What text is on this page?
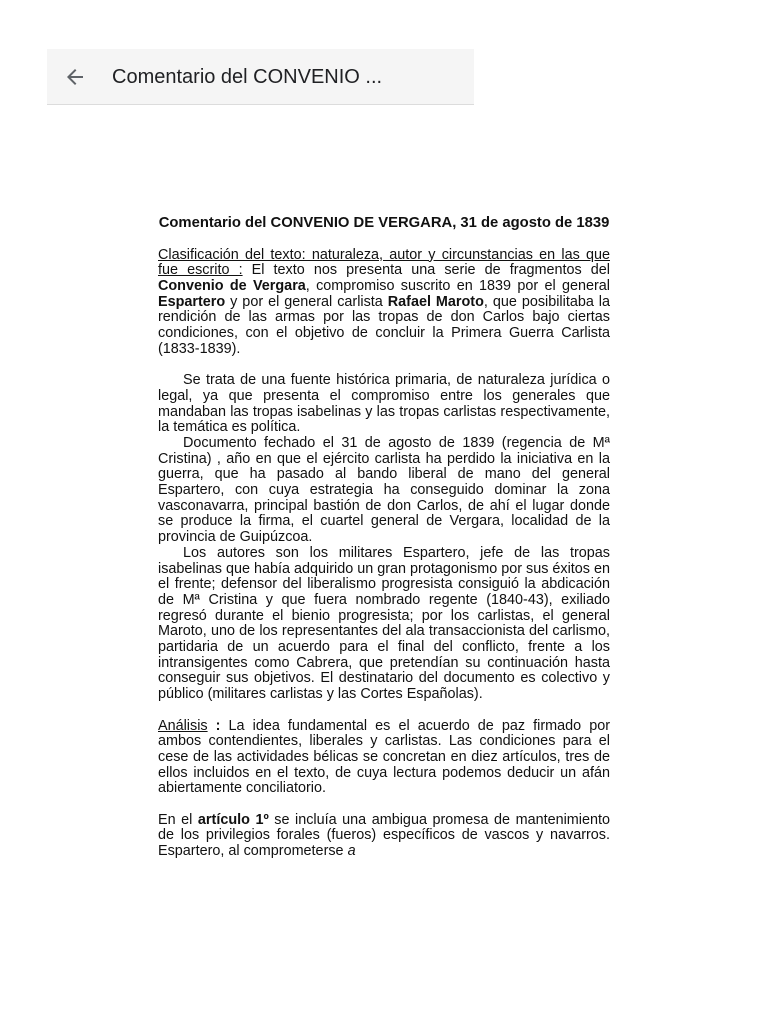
Comentario del CONVENIO ...
Comentario del CONVENIO DE VERGARA, 31 de agosto de 1839

Clasificación del texto: naturaleza, autor y circunstancias en las que fue escrito : El texto nos presenta una serie de fragmentos del Convenio de Vergara, compromiso suscrito en 1839 por el general Espartero y por el general carlista Rafael Maroto, que posibilitaba la rendición de las armas por las tropas de don Carlos bajo ciertas condiciones, con el objetivo de concluir la Primera Guerra Carlista (1833-1839).

Se trata de una fuente histórica primaria, de naturaleza jurídica o legal, ya que presenta el compromiso entre los generales que mandaban las tropas isabelinas y las tropas carlistas respectivamente, la temática es política.

Documento fechado el 31 de agosto de 1839 (regencia de Mª Cristina) , año en que el ejército carlista ha perdido la iniciativa en la guerra, que ha pasado al bando liberal de mano del general Espartero, con cuya estrategia ha conseguido dominar la zona vasconavarra, principal bastión de don Carlos, de ahí el lugar donde se produce la firma, el cuartel general de Vergara, localidad de la provincia de Guipúzcoa.

Los autores son los militares Espartero, jefe de las tropas isabelinas que había adquirido un gran protagonismo por sus éxitos en el frente; defensor del liberalismo progresista consiguió la abdicación de Mª Cristina y que fuera nombrado regente (1840-43), exiliado regresó durante el bienio progresista; por los carlistas, el general Maroto, uno de los representantes del ala transaccionista del carlismo, partidaria de un acuerdo para el final del conflicto, frente a los intransigentes como Cabrera, que pretendían su continuación hasta conseguir sus objetivos. El destinatario del documento es colectivo y público (militares carlistas y las Cortes Españolas).

Análisis : La idea fundamental es el acuerdo de paz firmado por ambos contendientes, liberales y carlistas. Las condiciones para el cese de las actividades bélicas se concretan en diez artículos, tres de ellos incluidos en el texto, de cuya lectura podemos deducir un afán abiertamente conciliatorio.

En el artículo 1º se incluía una ambigua promesa de mantenimiento de los privilegios forales (fueros) específicos de vascos y navarros. Espartero, al comprometerse a
